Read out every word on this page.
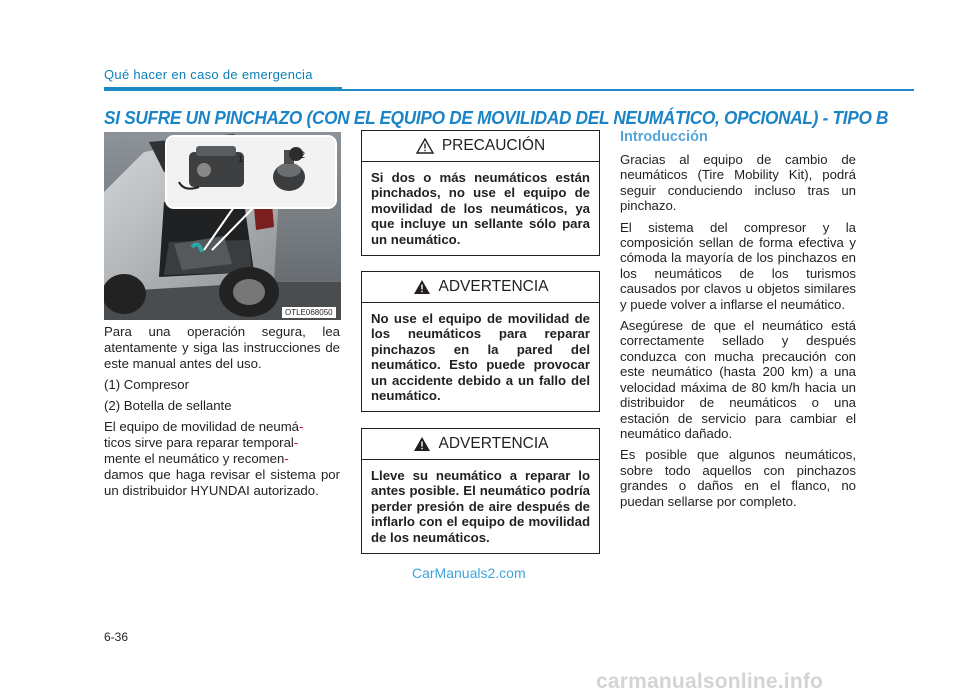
Qué hacer en caso de emergencia
SI SUFRE UN PINCHAZO (CON EL EQUIPO DE MOVILIDAD DEL NEUMÁTICO, OPCIONAL) - TIPO B
1	2
OTLE068050

Para una operación segura, lea atentamente y siga las instrucciones de este manual antes del uso.

(1) Compresor

(2) Botella de sellante

El equipo de movilidad de neumá-
ticos sirve para reparar temporal-
mente el neumático y recomen-
damos que haga revisar el sistema por un distribuidor HYUNDAI autorizado.

PRECAUCIÓN
Si dos o más neumáticos están pinchados, no use el equipo de movilidad de los neumáticos, ya que incluye un sellante sólo para un neumático.
ADVERTENCIA
No use el equipo de movilidad de los neumáticos para reparar pinchazos en la pared del neumático. Esto puede provocar un accidente debido a un fallo del neumático.
ADVERTENCIA
Lleve su neumático a reparar lo antes posible. El neumático podría perder presión de aire después de inflarlo con el equipo de movilidad de los neumáticos.
Introducción

Gracias al equipo de cambio de neumáticos (Tire Mobility Kit), podrá seguir conduciendo incluso tras un pinchazo.

El sistema del compresor y la composición sellan de forma efectiva y cómoda la mayoría de los pinchazos en los neumáticos de los turismos causados por clavos u objetos similares y puede volver a inflarse el neumático.

Asegúrese de que el neumático está correctamente sellado y después conduzca con mucha precaución con este neumático (hasta 200 km) a una velocidad máxima de 80 km/h hacia un distribuidor de neumáticos o una estación de servicio para cambiar el neumático dañado.

Es posible que algunos neumáticos, sobre todo aquellos con pinchazos grandes o daños en el flanco, no puedan sellarse por completo.

CarManuals2.com
6-36
carmanualsonline.info
